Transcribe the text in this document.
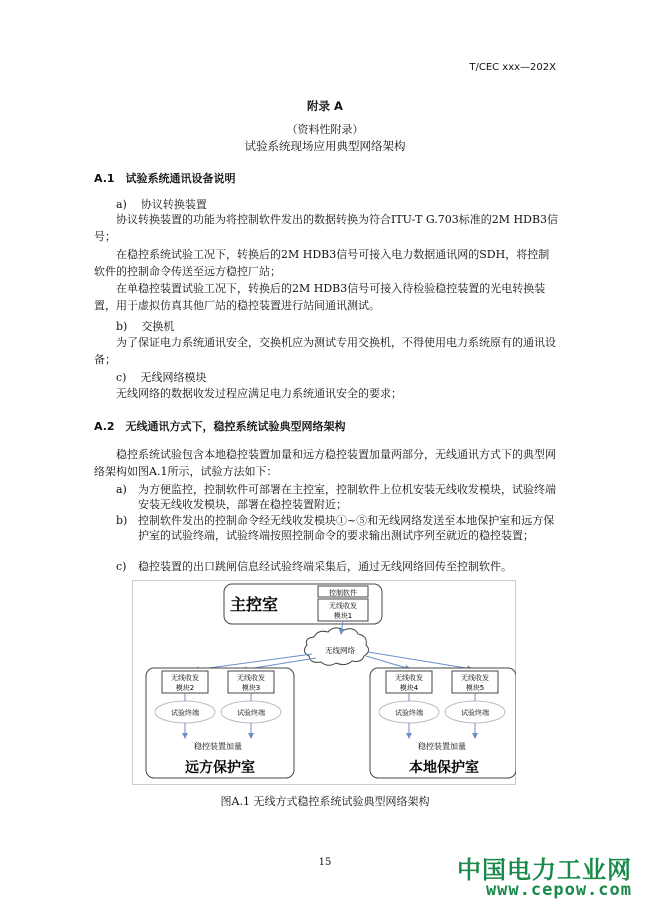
T/CEC xxx—202X
附录 A
（资料性附录）
试验系统现场应用典型网络架构
A.1　试验系统通讯设备说明
a) 协议转换装置
协议转换装置的功能为将控制软件发出的数据转换为符合ITU-T G.703标准的2M HDB3信号；
在稳控系统试验工况下，转换后的2M HDB3信号可接入电力数据通讯网的SDH，将控制软件的控制命令传送至远方稳控厂站；
在单稳控装置试验工况下，转换后的2M HDB3信号可接入待检验稳控装置的光电转换装置，用于虚拟仿真其他厂站的稳控装置进行站间通讯测试。
b) 交换机
为了保证电力系统通讯安全，交换机应为测试专用交换机，不得使用电力系统原有的通讯设备；
c) 无线网络模块
无线网络的数据收发过程应满足电力系统通讯安全的要求；
A.2　无线通讯方式下，稳控系统试验典型网络架构
稳控系统试验包含本地稳控装置加量和远方稳控装置加量两部分，无线通讯方式下的典型网络架构如图A.1所示，试验方法如下：
a) 为方便监控，控制软件可部署在主控室，控制软件上位机安装无线收发模块，试验终端安装无线收发模块，部署在稳控装置附近；
b) 控制软件发出的控制命令经无线收发模块①~⑤和无线网络发送至本地保护室和远方保护室的试验终端，试验终端按照控制命令的要求输出测试序列至就近的稳控装置；
c) 稳控装置的出口跳闸信息经试验终端采集后，通过无线网络回传至控制软件。
主控室
控制软件
无线收发
模块1
无线网络
无线收发
模块2
无线收发
模块3
试验终端	试验终端
稳控装置加量
远方保护室
无线收发
模块4
无线收发
模块5
试验终端	试验终端
稳控装置加量
本地保护室
图A.1 无线方式稳控系统试验典型网络架构
15	中国电力工业网
www.cepow.com
